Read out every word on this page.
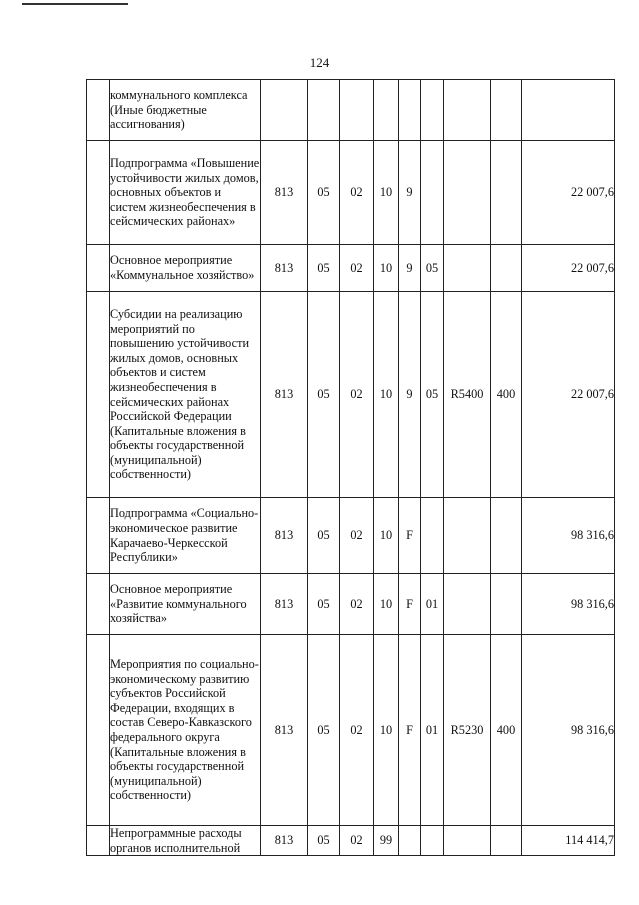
124
	коммунального комплекса (Иные бюджетные ассигнования)									
	Подпрограмма «Повышение устойчивости жилых домов, основных объектов и систем жизнеобеспечения в сейсмических районах»	813	05	02	10	9				22 007,6
	Основное мероприятие «Коммунальное хозяйство»	813	05	02	10	9	05			22 007,6
	Субсидии на реализацию мероприятий по повышению устойчивости жилых домов, основных объектов и систем жизнеобеспечения в сейсмических районах Российской Федерации (Капитальные вложения в объекты государственной (муниципальной) собственности)	813	05	02	10	9	05	R5400	400	22 007,6
	Подпрограмма «Социально-экономическое развитие Карачаево-Черкесской Республики»	813	05	02	10	F				98 316,6
	Основное мероприятие «Развитие коммунального хозяйства»	813	05	02	10	F	01			98 316,6
	Мероприятия по социально-экономическому развитию субъектов Российской Федерации, входящих в состав Северо-Кавказского федерального округа (Капитальные вложения в объекты государственной (муниципальной) собственности)	813	05	02	10	F	01	R5230	400	98 316,6
	Непрограммные расходы органов исполнительной	813	05	02	99					114 414,7
